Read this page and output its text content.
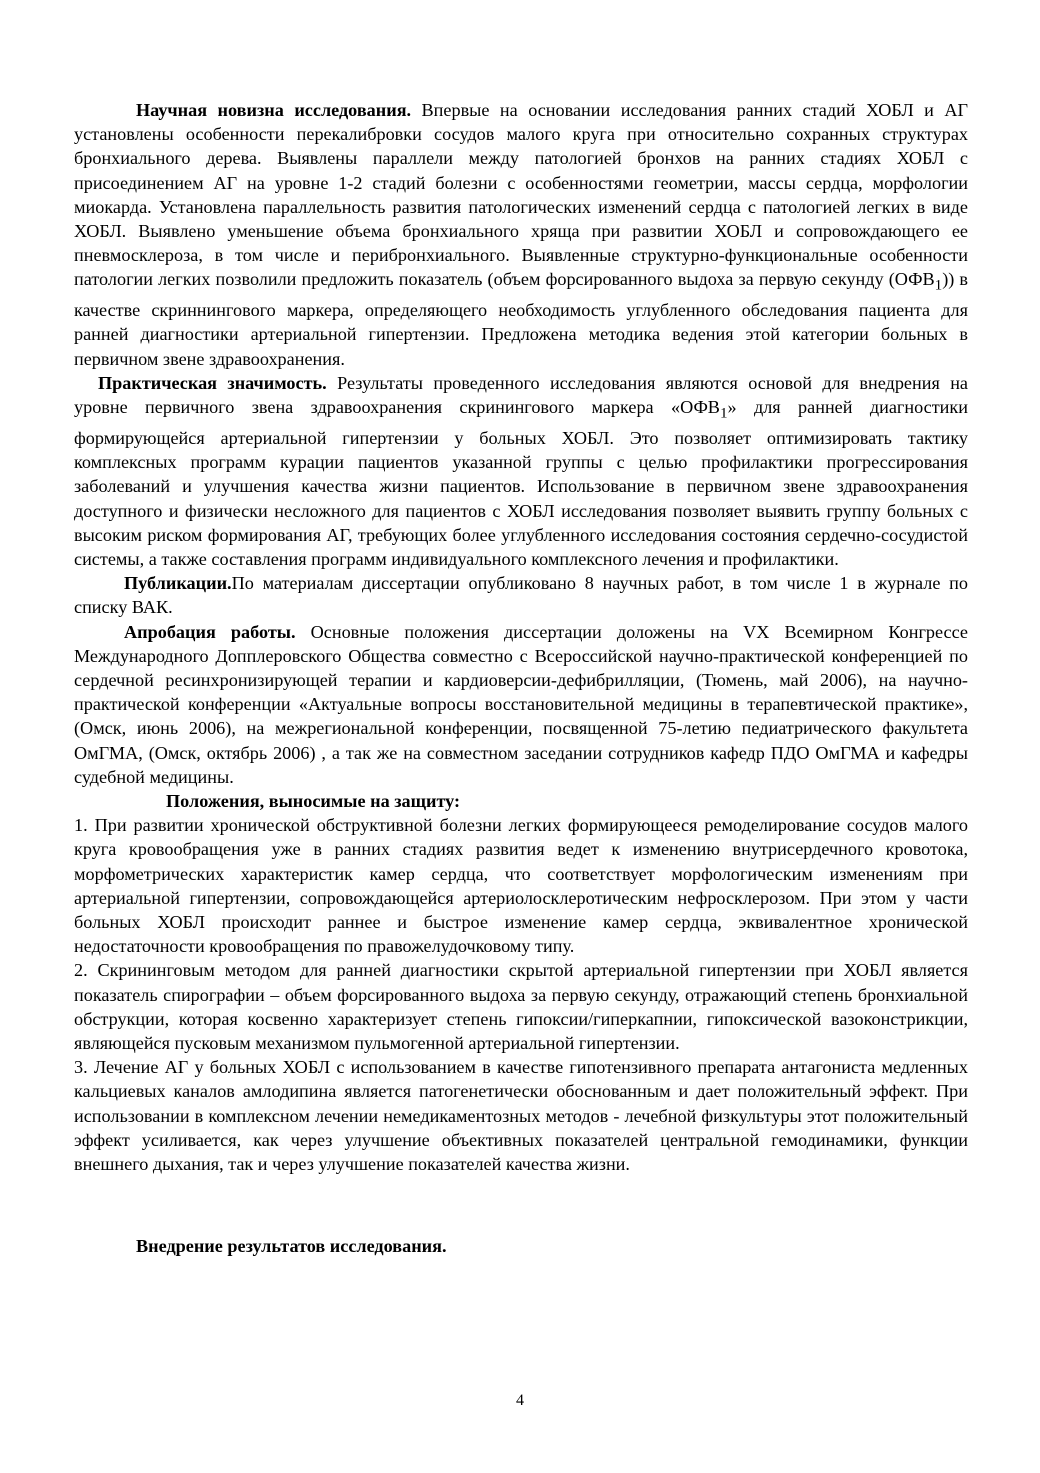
Научная новизна исследования. Впервые на основании исследования ранних стадий ХОБЛ и АГ установлены особенности перекалибровки сосудов малого круга при относительно сохранных структурах бронхиального дерева. Выявлены параллели между патологией бронхов на ранних стадиях ХОБЛ с присоединением АГ на уровне 1-2 стадий болезни с особенностями геометрии, массы сердца, морфологии миокарда. Установлена параллельность развития патологических изменений сердца с патологией легких в виде ХОБЛ. Выявлено уменьшение объема бронхиального хряща при развитии ХОБЛ и сопровождающего ее пневмосклероза, в том числе и перибронхиального. Выявленные структурно-функциональные особенности патологии легких позволили предложить показатель (объем форсированного выдоха за первую секунду $(ОФВ_1)$) в качестве скриннингового маркера, определяющего необходимость углубленного обследования пациента для ранней диагностики артериальной гипертензии. Предложена методика ведения этой категории больных в первичном звене здравоохранения.

Практическая значимость. Результаты проведенного исследования являются основой для внедрения на уровне первичного звена здравоохранения скринингового маркера «$ОФВ_1$» для ранней диагностики формирующейся артериальной гипертензии у больных ХОБЛ. Это позволяет оптимизировать тактику комплексных программ курации пациентов указанной группы с целью профилактики прогрессирования заболеваний и улучшения качества жизни пациентов. Использование в первичном звене здравоохранения доступного и физически несложного для пациентов с ХОБЛ исследования позволяет выявить группу больных с высоким риском формирования АГ, требующих более углубленного исследования состояния сердечно-сосудистой системы, а также составления программ индивидуального комплексного лечения и профилактики.

Публикации.По материалам диссертации опубликовано 8 научных работ, в том числе 1 в журнале по списку ВАК.

Апробация работы. Основные положения диссертации доложены на VX Всемирном Конгрессе Международного Допплеровского Общества совместно с Всероссийской научно-практической конференцией по сердечной ресинхронизирующей терапии и кардиоверсии-дефибрилляции, (Тюмень, май 2006), на научно-практической конференции «Актуальные вопросы восстановительной медицины в терапевтической практике», (Омск, июнь 2006), на межрегиональной конференции, посвященной 75-летию педиатрического факультета ОмГМА, (Омск, октябрь 2006) , а так же на совместном заседании сотрудников кафедр ПДО ОмГМА и кафедры судебной медицины.

Положения, выносимые на защиту:

1. При развитии хронической обструктивной болезни легких формирующееся ремоделирование сосудов малого круга кровообращения уже в ранних стадиях развития ведет к изменению внутрисердечного кровотока, морфометрических характеристик камер сердца, что соответствует морфологическим изменениям при артериальной гипертензии, сопровождающейся артериолосклеротическим нефросклерозом. При этом у части больных ХОБЛ происходит раннее и быстрое изменение камер сердца, эквивалентное хронической недостаточности кровообращения по правожелудочковому типу.

2. Скрининговым методом для ранней диагностики скрытой артериальной гипертензии при ХОБЛ является показатель спирографии – объем форсированного выдоха за первую секунду, отражающий степень бронхиальной обструкции, которая косвенно характеризует степень гипоксии/гиперкапнии, гипоксической вазоконстрикции, являющейся пусковым механизмом пульмогенной артериальной гипертензии.

3. Лечение АГ у больных ХОБЛ с использованием в качестве гипотензивного препарата антагониста медленных кальциевых каналов амлодипина является патогенетически обоснованным и дает положительный эффект. При использовании в комплексном лечении немедикаментозных методов - лечебной физкультуры этот положительный эффект усиливается, как через улучшение объективных показателей центральной гемодинамики, функции внешнего дыхания, так и через улучшение показателей качества жизни.

Внедрение результатов исследования.

4
